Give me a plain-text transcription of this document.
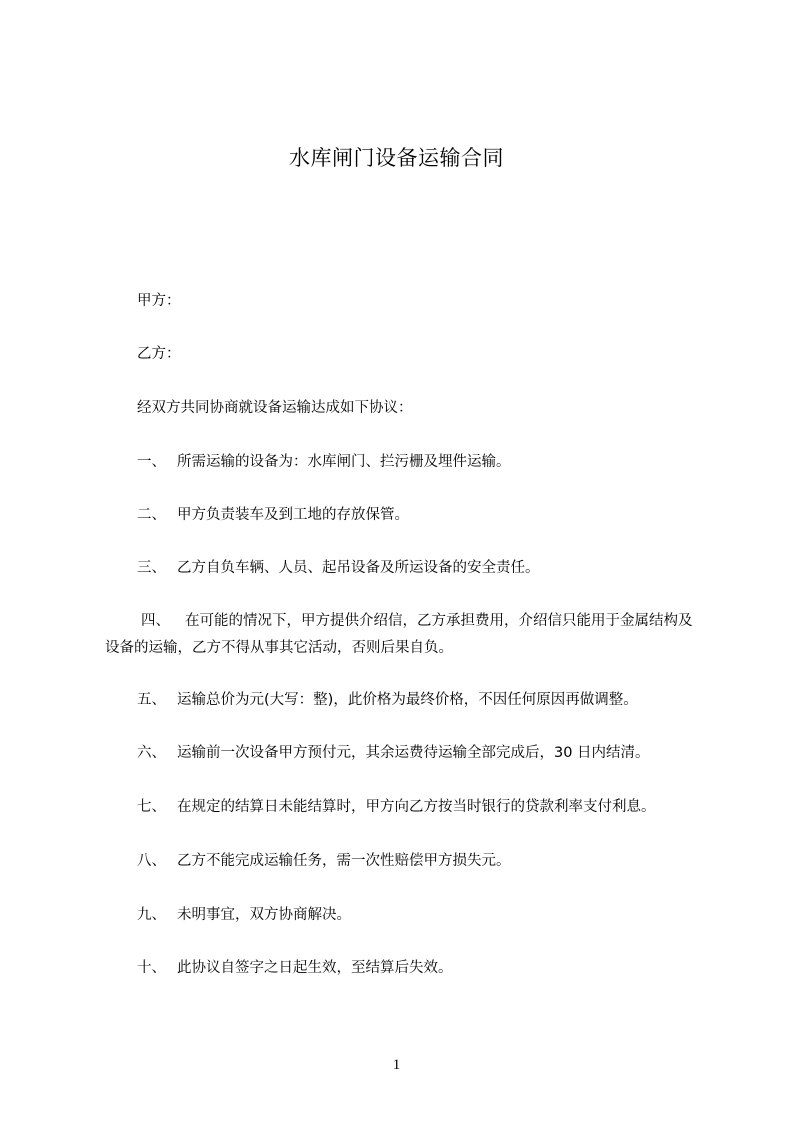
水库闸门设备运输合同
甲方：
乙方：
经双方共同协商就设备运输达成如下协议：
一、 所需运输的设备为：水库闸门、拦污栅及埋件运输。
二、 甲方负责装车及到工地的存放保管。
三、 乙方自负车辆、人员、起吊设备及所运设备的安全责任。
四、 在可能的情况下，甲方提供介绍信，乙方承担费用，介绍信只能用于金属结构及设备的运输，乙方不得从事其它活动，否则后果自负。
五、 运输总价为元(大写：整)，此价格为最终价格，不因任何原因再做调整。
六、 运输前一次设备甲方预付元，其余运费待运输全部完成后，30 日内结清。
七、 在规定的结算日未能结算时，甲方向乙方按当时银行的贷款利率支付利息。
八、 乙方不能完成运输任务，需一次性赔偿甲方损失元。
九、 未明事宜，双方协商解决。
十、 此协议自签字之日起生效，至结算后失效。
1
